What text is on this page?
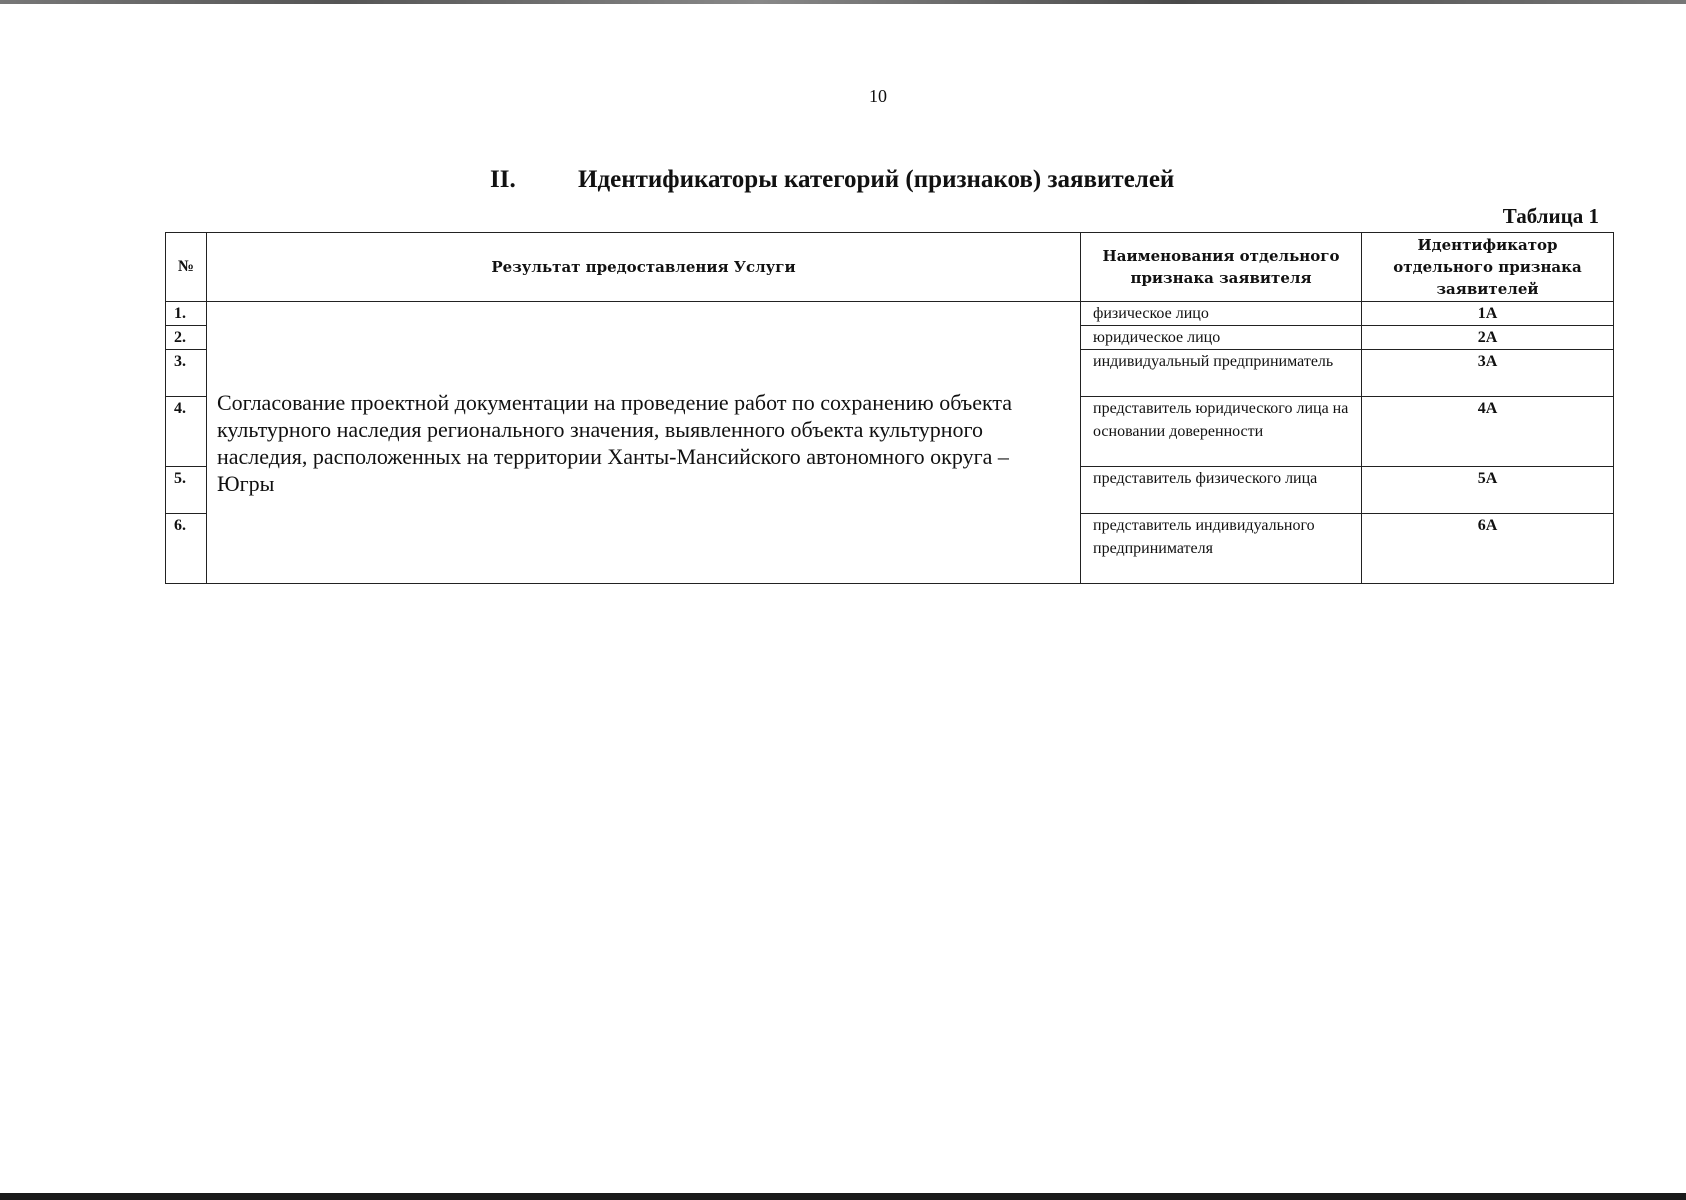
10
II. Идентификаторы категорий (признаков) заявителей
Таблица 1
№	Результат предоставления Услуги	Наименования отдельного признака заявителя	Идентификатор отдельного признака заявителей
1.	Согласование проектной документации на проведение работ по сохранению объекта культурного наследия регионального значения, выявленного объекта культурного наследия, расположенных на территории Ханты-Мансийского автономного округа – Югры	физическое лицо	1А
2.		юридическое лицо	2А
3.		индивидуальный предприниматель	3А
4.		представитель юридического лица на основании доверенности	4А
5.		представитель физического лица	5А
6.		представитель индивидуального предпринимателя	6А
